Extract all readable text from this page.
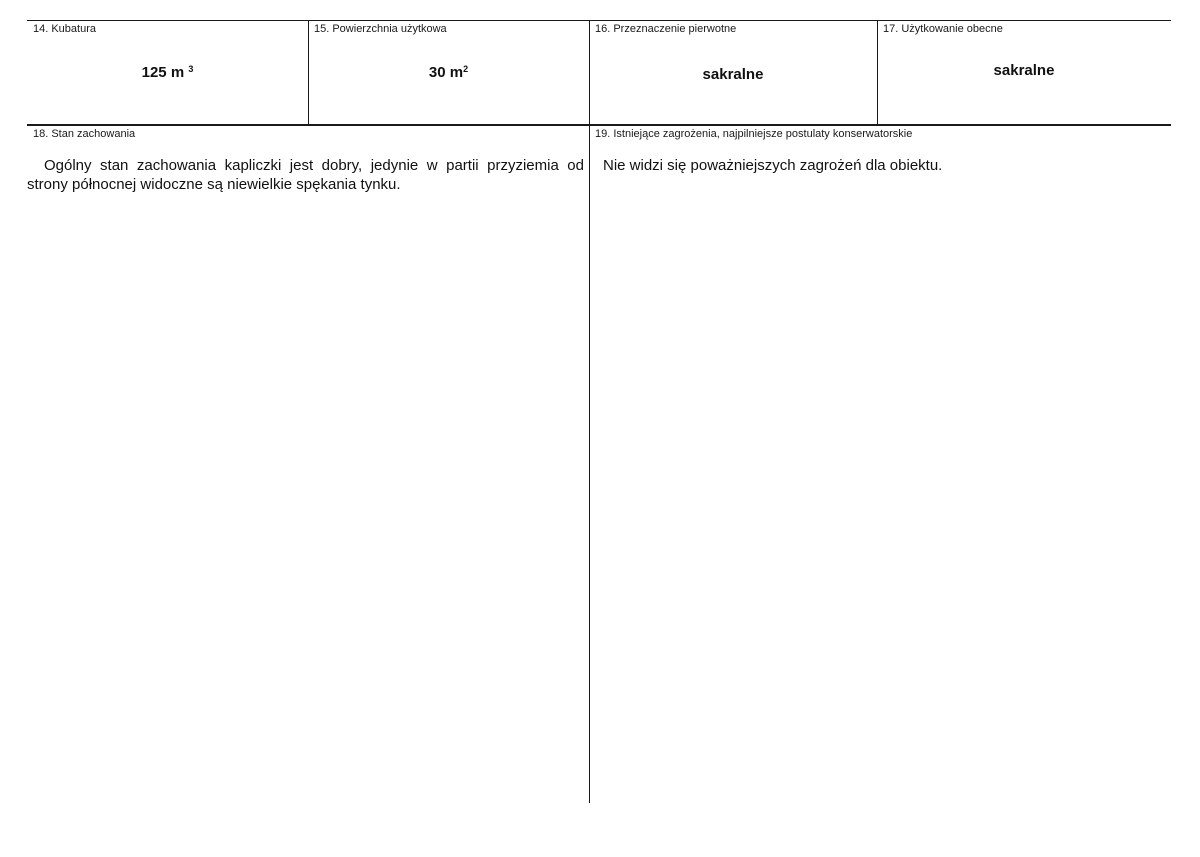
14. Kubatura
125 m $^3$
15. Powierzchnia użytkowa
30 $m^2$
16. Przeznaczenie pierwotne
sakralne
17. Użytkowanie obecne
sakralne
18. Stan zachowania
Ogólny stan zachowania kapliczki jest dobry, jedynie w partii przyziemia od strony północnej widoczne są niewielkie spękania tynku.
19. Istniejące zagrożenia, najpilniejsze postulaty konserwatorskie
Nie widzi się poważniejszych zagrożeń dla obiektu.
